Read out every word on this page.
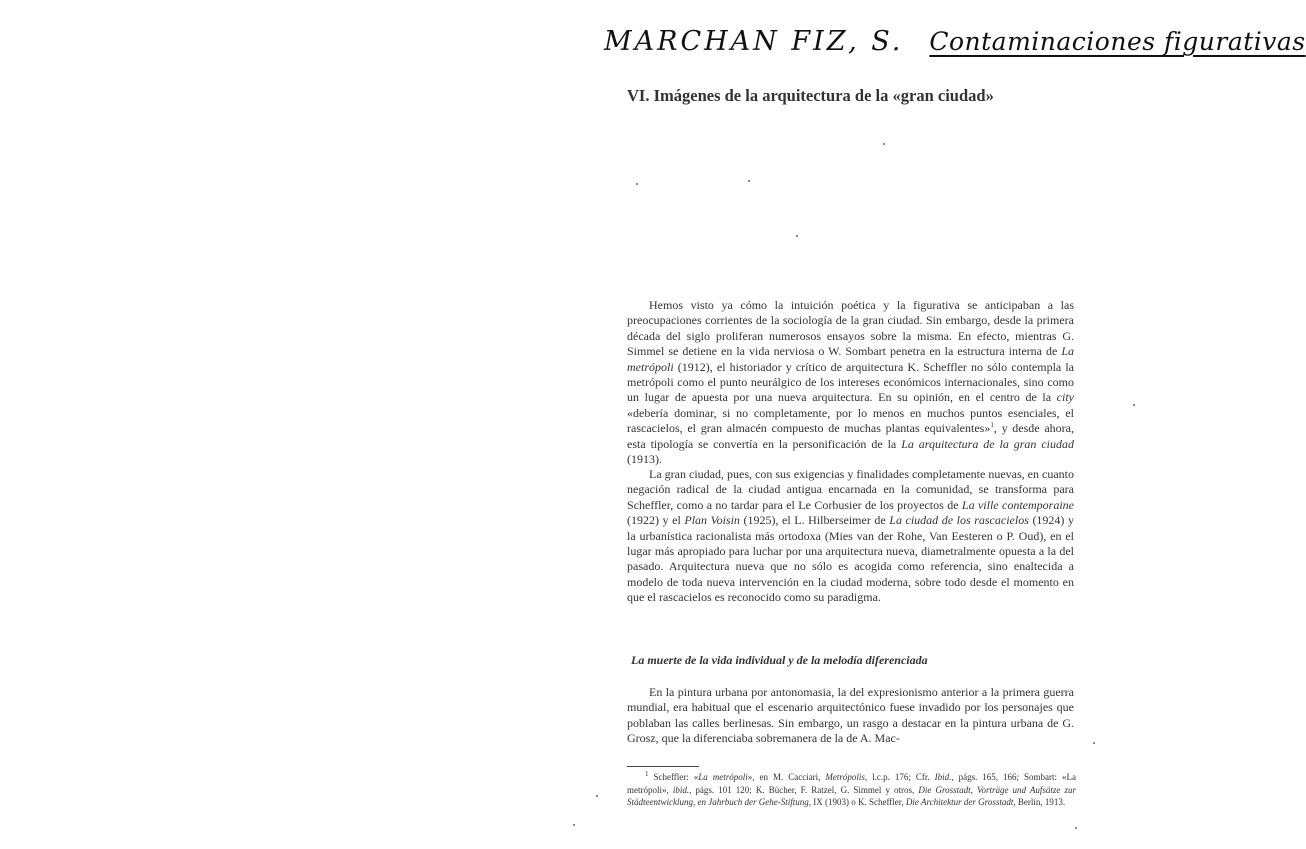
MARCHAN FIZ, S. Contaminaciones figurativas
VI. Imágenes de la arquitectura de la «gran ciudad»

Hemos visto ya cómo la intuición poética y la figurativa se anticipaban a las preocupaciones corrientes de la sociología de la gran ciudad. Sin embargo, desde la primera década del siglo proliferan numerosos ensayos sobre la misma. En efecto, mientras G. Simmel se detiene en la vida nerviosa o W. Sombart penetra en la estructura interna de La metrópoli (1912), el historiador y crítico de arquitectura K. Scheffler no sólo contempla la metrópoli como el punto neurálgico de los intereses económicos internacionales, sino como un lugar de apuesta por una nueva arquitectura. En su opinión, en el centro de la city «debería dominar, si no completamente, por lo menos en muchos puntos esenciales, el rascacielos, el gran almacén compuesto de muchas plantas equivalentes»$^1$, y desde ahora, esta tipología se convertía en la personificación de la La arquitectura de la gran ciudad (1913).

La gran ciudad, pues, con sus exigencias y finalidades completamente nuevas, en cuanto negación radical de la ciudad antigua encarnada en la comunidad, se transforma para Scheffler, como a no tardar para el Le Corbusier de los proyectos de La ville contemporaine (1922) y el Plan Voisin (1925), el L. Hilberseimer de La ciudad de los rascacielos (1924) y la urbanística racionalista más ortodoxa (Mies van der Rohe, Van Eesteren o P. Oud), en el lugar más apropiado para luchar por una arquitectura nueva, diametralmente opuesta a la del pasado. Arquitectura nueva que no sólo es acogida como referencia, sino enaltecida a modelo de toda nueva intervención en la ciudad moderna, sobre todo desde el momento en que el rascacielos es reconocido como su paradigma.

La muerte de la vida individual y de la melodía diferenciada

En la pintura urbana por antonomasia, la del expresionismo anterior a la primera guerra mundial, era habitual que el escenario arquitectónico fuese invadido por los personajes que poblaban las calles berlinesas. Sin embargo, un rasgo a destacar en la pintura urbana de G. Grosz, que la diferenciaba sobremanera de la de A. Mac-

$^1$ Scheffler: «La metrópoli», en M. Cacciari, Metrópolis, l.c.p. 176; Cfr. Ibid., págs. 165, 166; Sombart: «La metrópoli», ibid., págs. 101 120; K. Bücher, F. Ratzel, G. Simmel y otros, Die Grosstadt, Vorträge und Aufsätze zur Städteentwicklung, en Jahrbuch der Gehe-Stiftung, IX (1903) o K. Scheffler, Die Architektur der Grosstadt, Berlín, 1913.
